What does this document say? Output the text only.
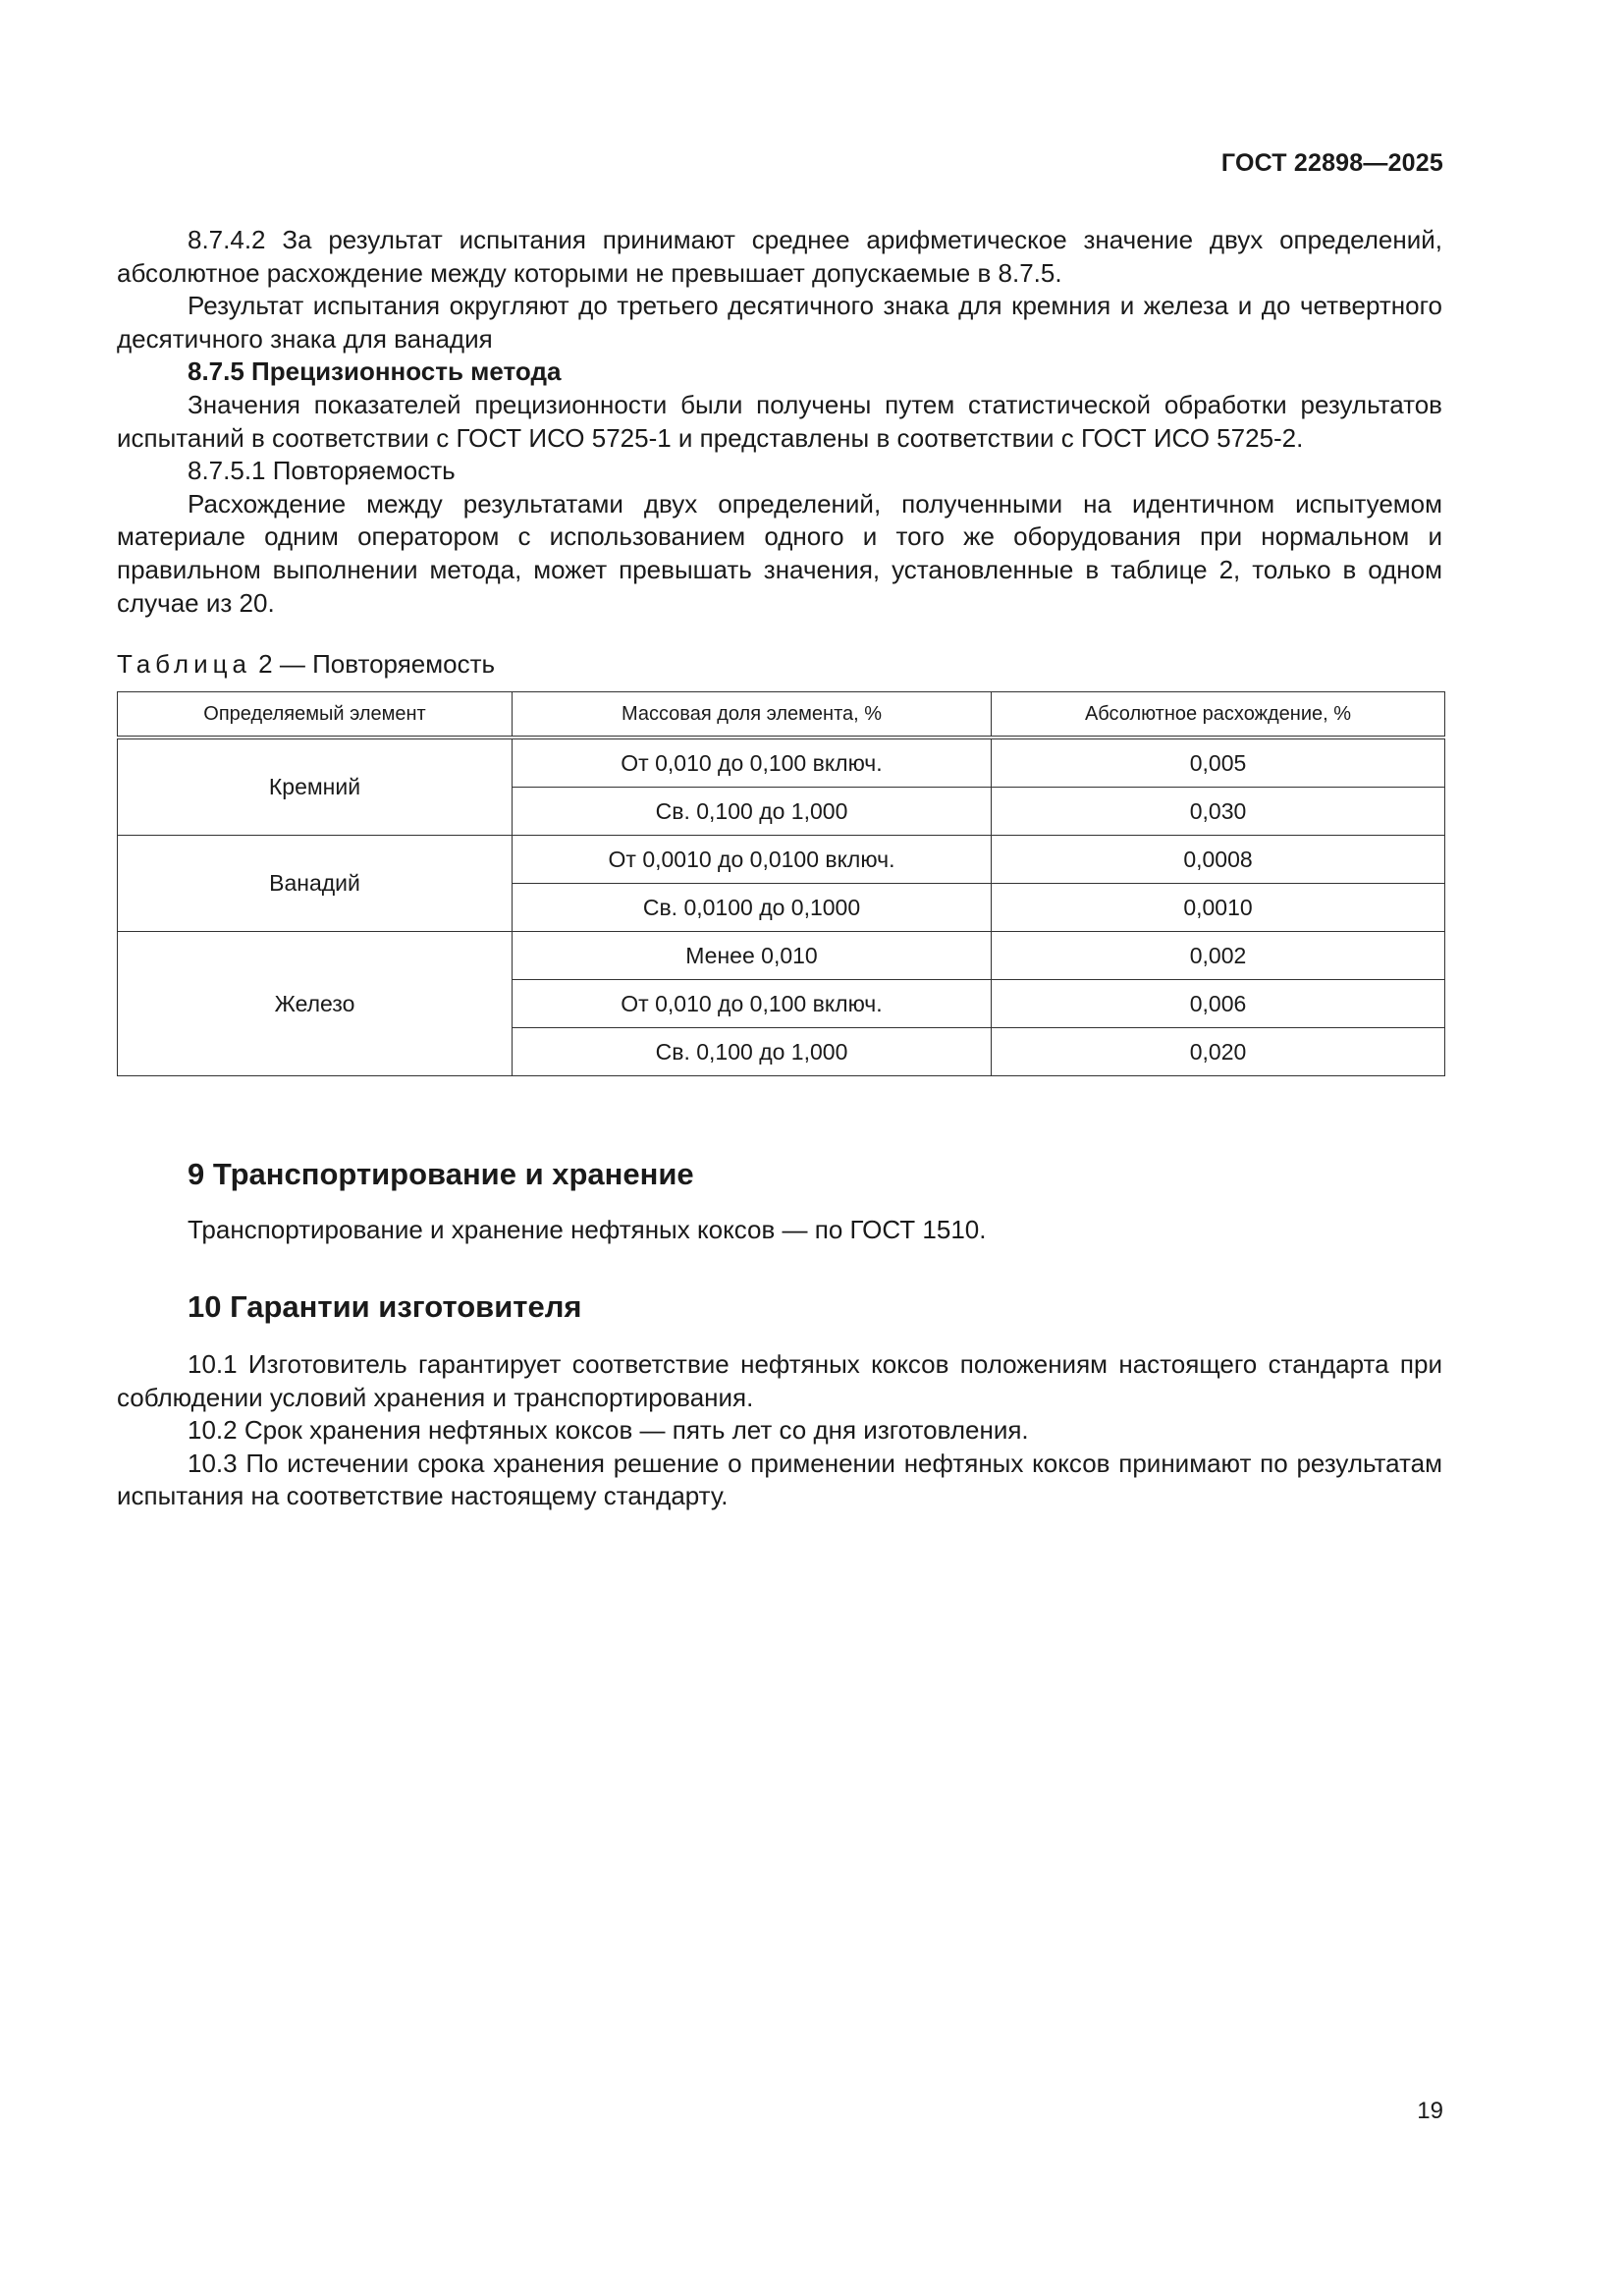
ГОСТ 22898—2025

8.7.4.2 За результат испытания принимают среднее арифметическое значение двух определений, абсолютное расхождение между которыми не превышает допускаемые в 8.7.5.

Результат испытания округляют до третьего десятичного знака для кремния и железа и до четвертного десятичного знака для ванадия

8.7.5 Прецизионность метода

Значения показателей прецизионности были получены путем статистической обработки результатов испытаний в соответствии с ГОСТ ИСО 5725-1 и представлены в соответствии с ГОСТ ИСО 5725-2.

8.7.5.1 Повторяемость

Расхождение между результатами двух определений, полученными на идентичном испытуемом материале одним оператором с использованием одного и того же оборудования при нормальном и правильном выполнении метода, может превышать значения, установленные в таблице 2, только в одном случае из 20.

Таблица 2 — Повторяемость
Определяемый элемент	Массовая доля элемента, %	Абсолютное расхождение, %
Кремний	От 0,010 до 0,100 включ.	0,005
	Св. 0,100 до 1,000	0,030
Ванадий	От 0,0010 до 0,0100 включ.	0,0008
	Св. 0,0100 до 0,1000	0,0010
Железо	Менее 0,010	0,002
	От 0,010 до 0,100 включ.	0,006
	Св. 0,100 до 1,000	0,020
9 Транспортирование и хранение

Транспортирование и хранение нефтяных коксов — по ГОСТ 1510.

10 Гарантии изготовителя

10.1 Изготовитель гарантирует соответствие нефтяных коксов положениям настоящего стандарта при соблюдении условий хранения и транспортирования.

10.2 Срок хранения нефтяных коксов — пять лет со дня изготовления.

10.3 По истечении срока хранения решение о применении нефтяных коксов принимают по результатам испытания на соответствие настоящему стандарту.

19
